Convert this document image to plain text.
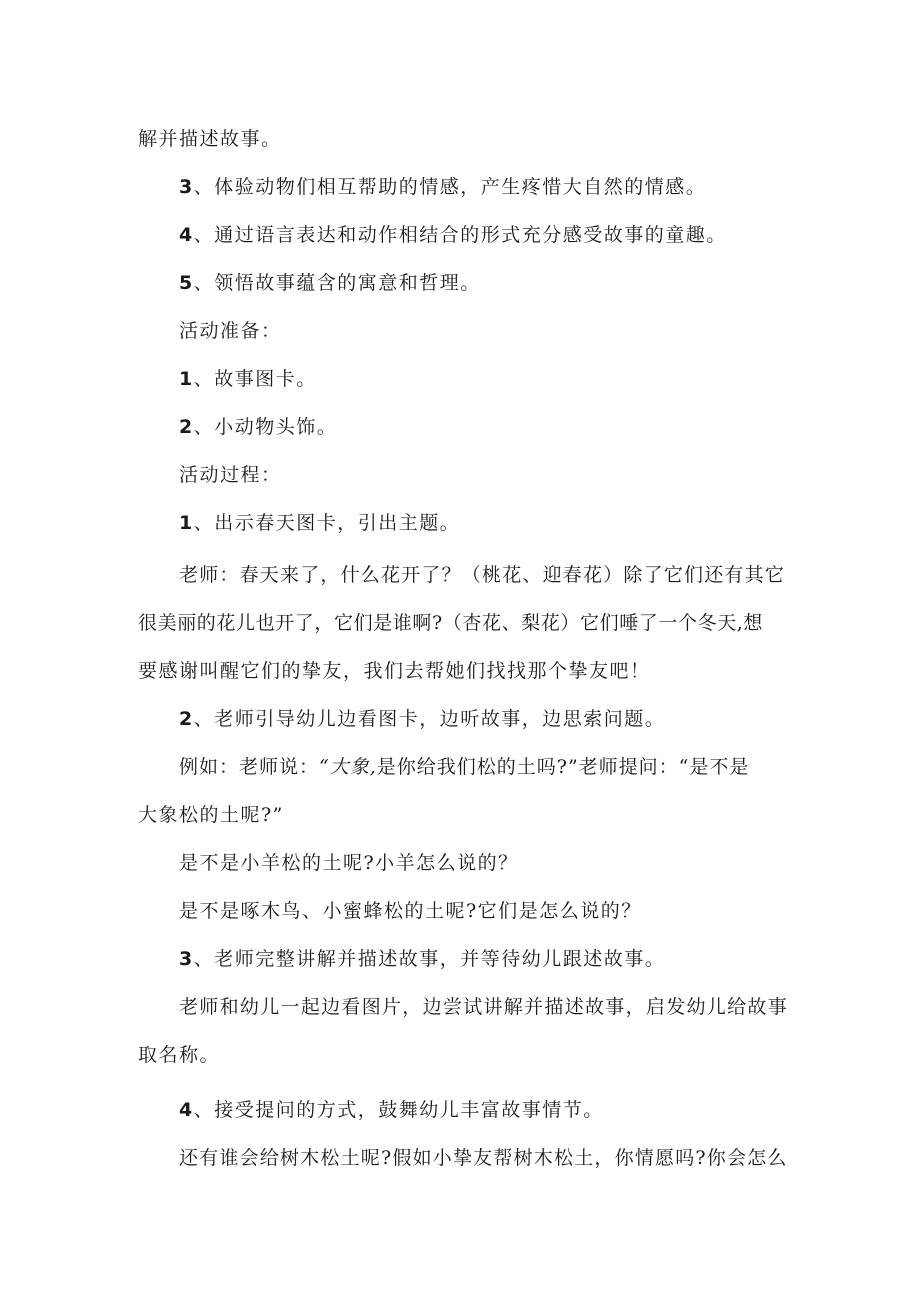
解并描述故事。
3、体验动物们相互帮助的情感，产生疼惜大自然的情感。
4、通过语言表达和动作相结合的形式充分感受故事的童趣。
5、领悟故事蕴含的寓意和哲理。
活动准备：
1、故事图卡。
2、小动物头饰。
活动过程：
1、出示春天图卡，引出主题。
老师：春天来了，什么花开了？（桃花、迎春花）除了它们还有其它
很美丽的花儿也开了，它们是谁啊?（杏花、梨花）它们唾了一个冬天,想
要感谢叫醒它们的挚友，我们去帮她们找找那个挚友吧！
2、老师引导幼儿边看图卡，边听故事，边思索问题。
例如：老师说：“大象,是你给我们松的土吗?”老师提问：“是不是
大象松的土呢?”
是不是小羊松的土呢?小羊怎么说的？
是不是啄木鸟、小蜜蜂松的土呢?它们是怎么说的？
3、老师完整讲解并描述故事，并等待幼儿跟述故事。
老师和幼儿一起边看图片，边尝试讲解并描述故事，启发幼儿给故事
取名称。
4、接受提问的方式，鼓舞幼儿丰富故事情节。
还有谁会给树木松土呢?假如小挚友帮树木松土，你情愿吗?你会怎么
